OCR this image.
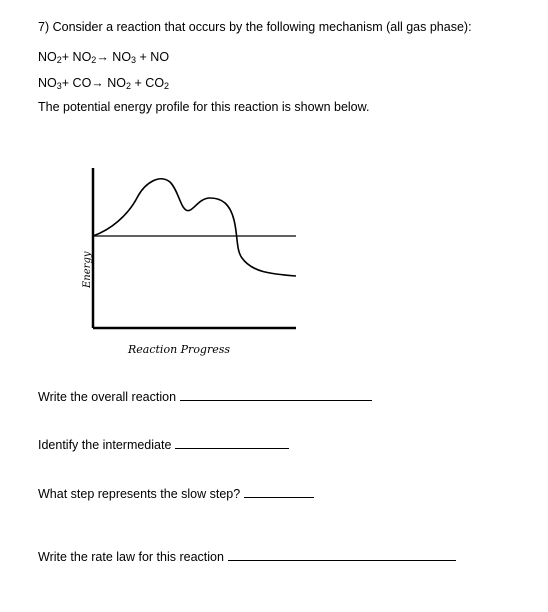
7) Consider a reaction that occurs by the following mechanism (all gas phase):
$NO_2+ NO_2\to NO_3$ + NO
$NO_3+ CO\to NO_2 + CO_2$
The potential energy profile for this reaction is shown below.
Energy
Reaction Progress
Write the overall reaction
Identify the intermediate
What step represents the slow step?
Write the rate law for this reaction
